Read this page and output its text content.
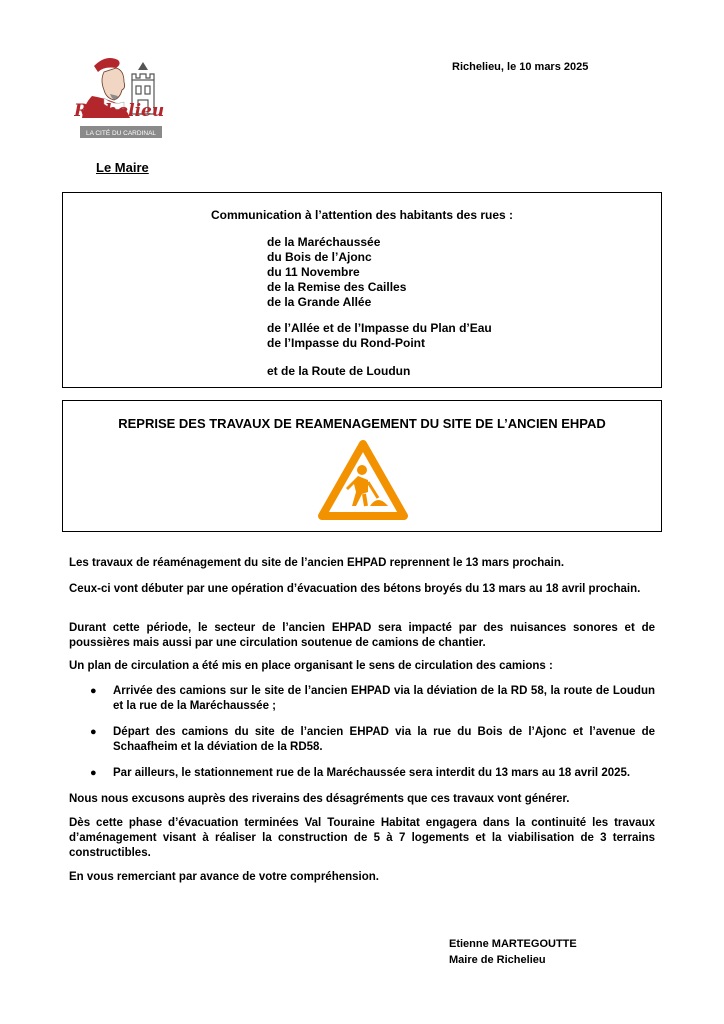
Richelieu
LA CITÉ DU CARDINAL
Richelieu, le 10 mars 2025
Le Maire
Communication à l’attention des habitants des rues :
de la Maréchaussée
du Bois de l’Ajonc
du 11 Novembre
de la Remise des Cailles
de la Grande Allée
de l’Allée et de l’Impasse du Plan d’Eau
de l’Impasse du Rond-Point
et de la Route de Loudun
REPRISE DES TRAVAUX DE REAMENAGEMENT DU SITE DE L’ANCIEN EHPAD
Les travaux de réaménagement du site de l’ancien EHPAD reprennent le 13 mars prochain.
Ceux-ci vont débuter par une opération d’évacuation des bétons broyés du 13 mars au 18 avril prochain.
Durant cette période, le secteur de l’ancien EHPAD sera impacté par des nuisances sonores et de poussières mais aussi par une circulation soutenue de camions de chantier.
Un plan de circulation a été mis en place organisant le sens de circulation des camions :
● Arrivée des camions sur le site de l’ancien EHPAD via la déviation de la RD 58, la route de Loudun et la rue de la Maréchaussée ;
● Départ des camions du site de l’ancien EHPAD via la rue du Bois de l’Ajonc et l’avenue de Schaafheim et la déviation de la RD58.
● Par ailleurs, le stationnement rue de la Maréchaussée sera interdit du 13 mars au 18 avril 2025.
Nous nous excusons auprès des riverains des désagréments que ces travaux vont générer.
Dès cette phase d’évacuation terminées Val Touraine Habitat engagera dans la continuité les travaux d’aménagement visant à réaliser la construction de 5 à 7 logements et la viabilisation de 3 terrains constructibles.
En vous remerciant par avance de votre compréhension.
Etienne MARTEGOUTTE
Maire de Richelieu
